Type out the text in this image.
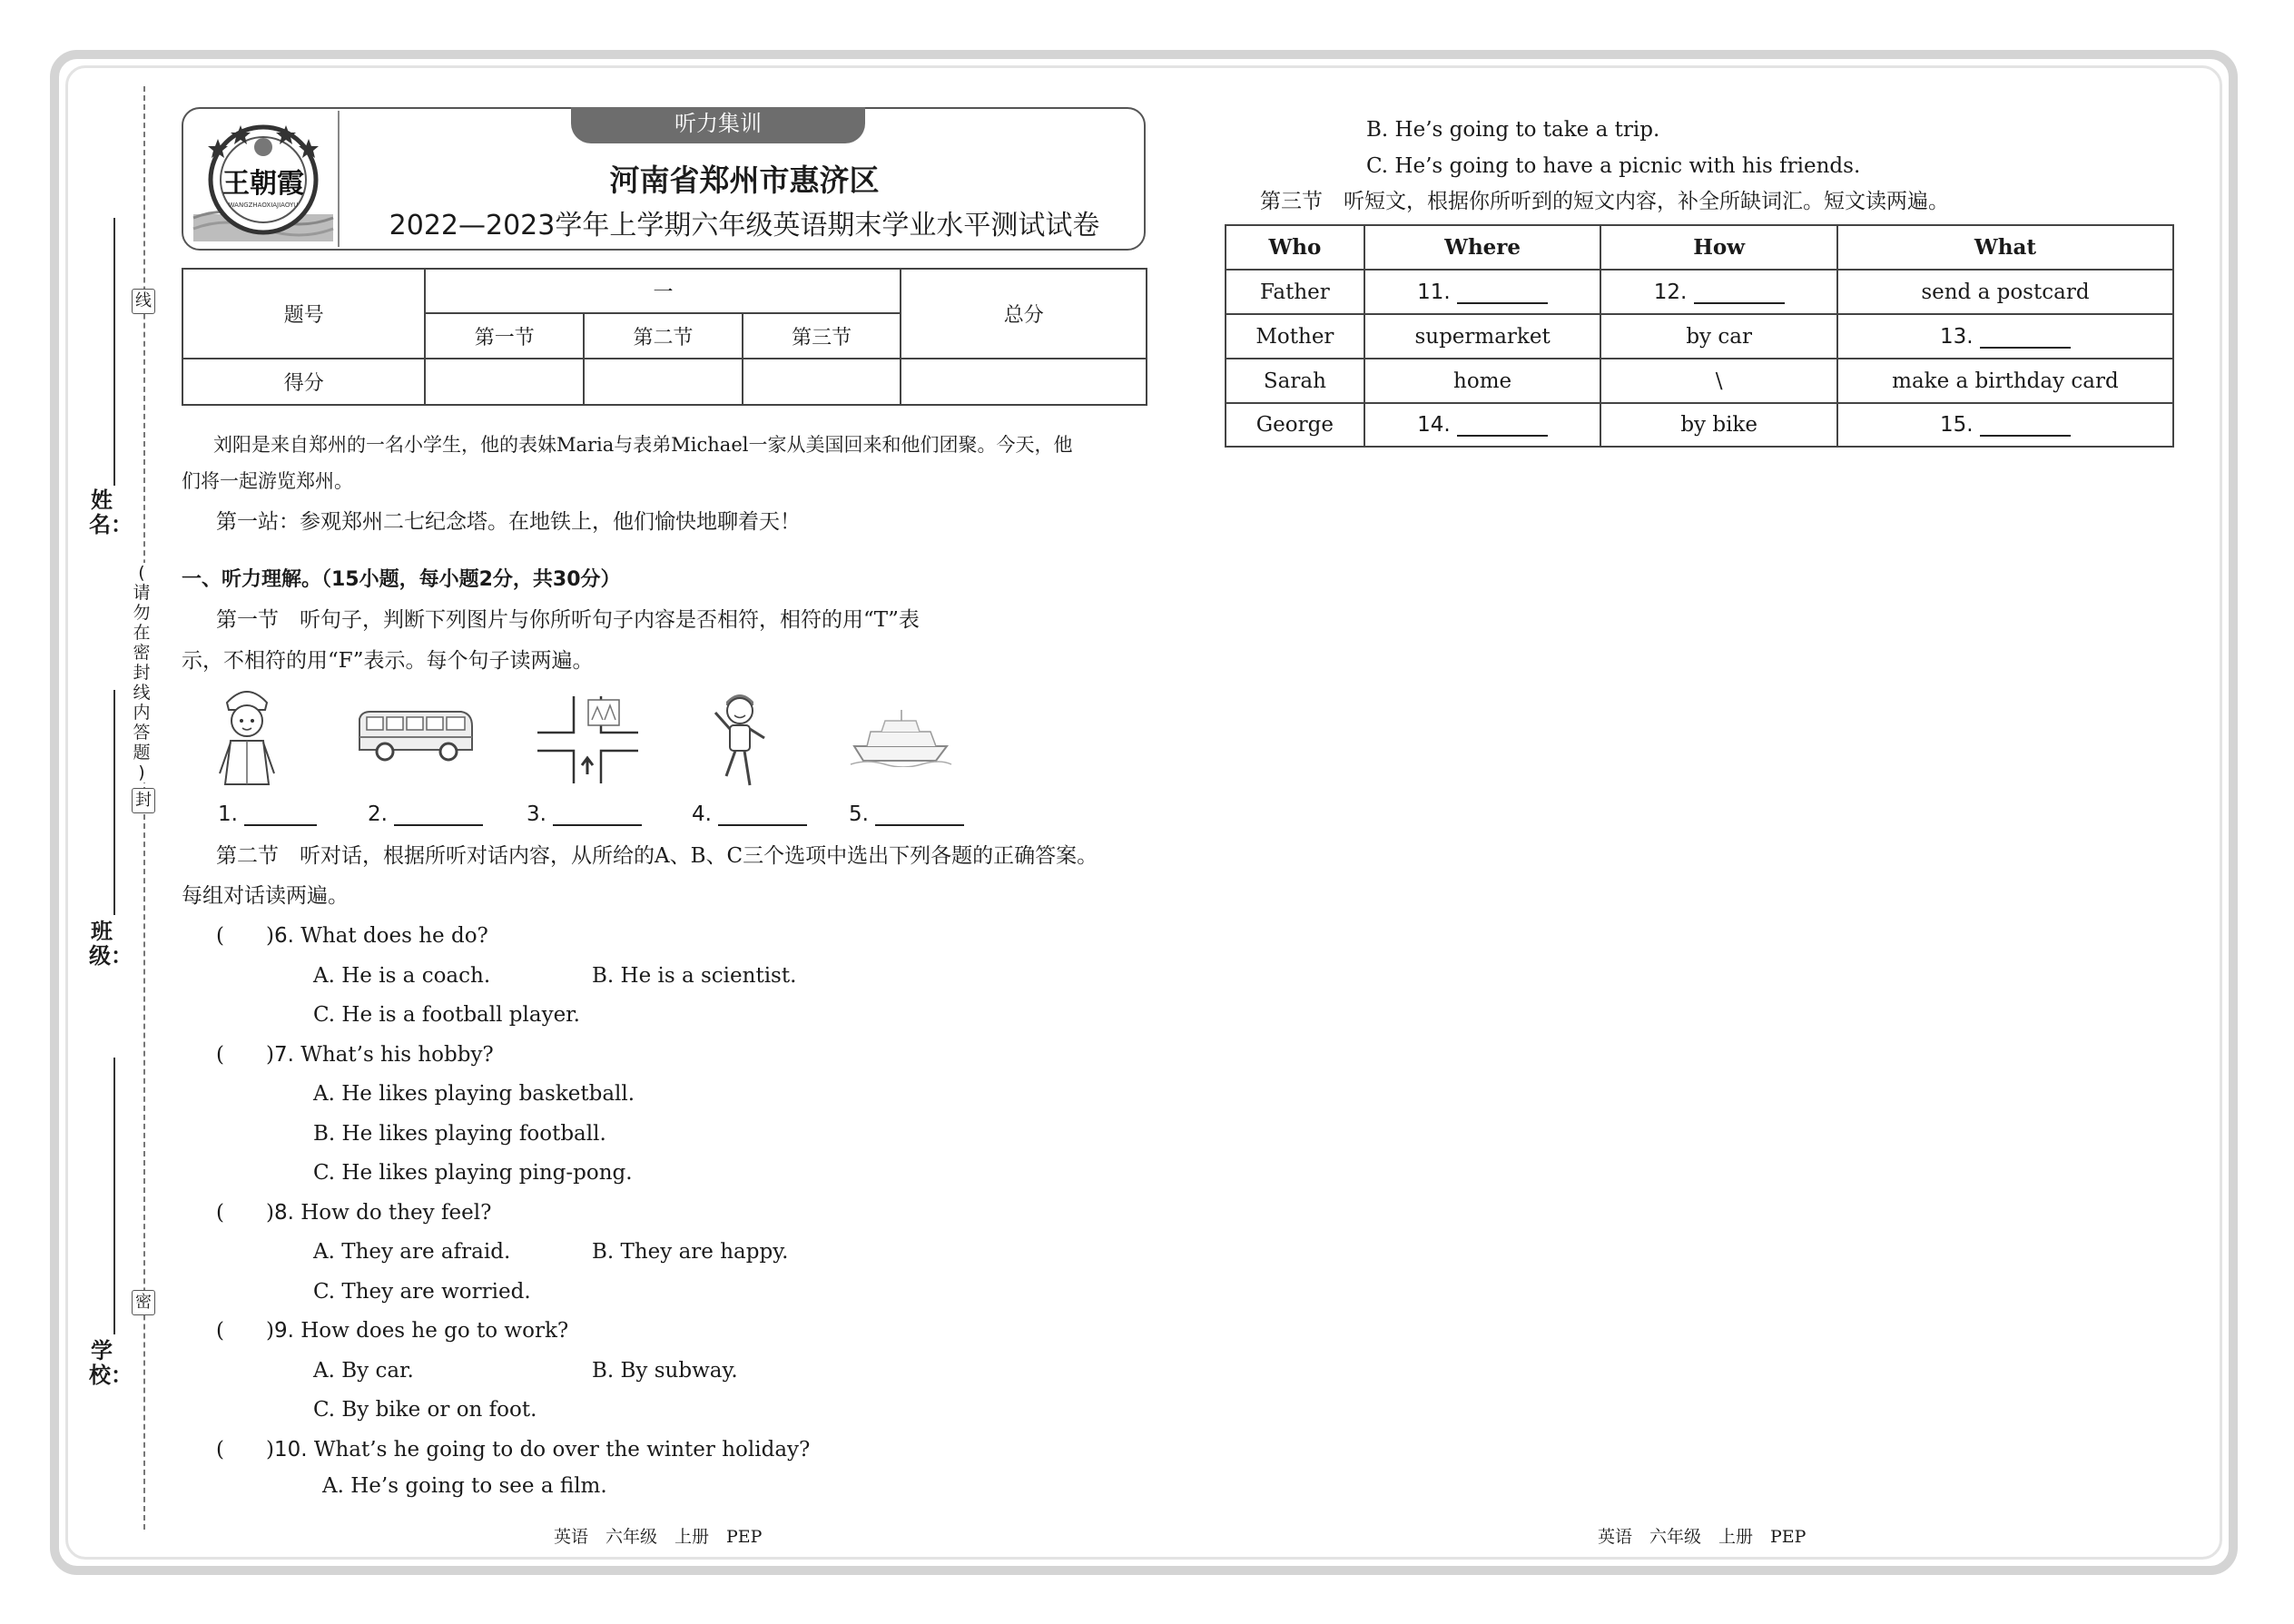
线
封
密
(
请
勿
在
密
封
线
内
答
题
)
姓名：
班级：
学校：
听力集训
王朝霞
WANGZHAOXIAJIAOYU
河南省郑州市惠济区
2022—2023学年上学期六年级英语期末学业水平测试试卷
题号	一			总分
	第一节	第二节	第三节	
得分				
刘阳是来自郑州的一名小学生，他的表妹Maria与表弟Michael一家从美国回来和他们团聚。今天，他
们将一起游览郑州。
第一站：参观郑州二七纪念塔。在地铁上，他们愉快地聊着天！
一、听力理解。（15小题，每小题2分，共30分）
第一节　听句子，判断下列图片与你所听句子内容是否相符，相符的用“T”表
示，不相符的用“F”表示。每个句子读两遍。
1.	2.	3.	4.	5.
第二节　听对话，根据所听对话内容，从所给的A、B、C三个选项中选出下列各题的正确答案。
每组对话读两遍。
(　　)6. What does he do?
A. He is a coach.	B. He is a scientist.
C. He is a football player.
(　　)7. What’s his hobby?
A. He likes playing basketball.
B. He likes playing football.
C. He likes playing ping-pong.
(　　)8. How do they feel?
A. They are afraid.	B. They are happy.
C. They are worried.
(　　)9. How does he go to work?
A. By car.	B. By subway.
C. By bike or on foot.
(　　)10. What’s he going to do over the winter holiday?
A. He’s going to see a film.
B. He’s going to take a trip.
C. He’s going to have a picnic with his friends.
第三节　听短文，根据你所听到的短文内容，补全所缺词汇。短文读两遍。
Who	Where	How	What
Father	11.	12.	send a postcard
Mother	supermarket	by car	13.
Sarah	home	\	make a birthday card
George	14.	by bike	15.
英语　六年级　上册　PEP	英语　六年级　上册　PEP
